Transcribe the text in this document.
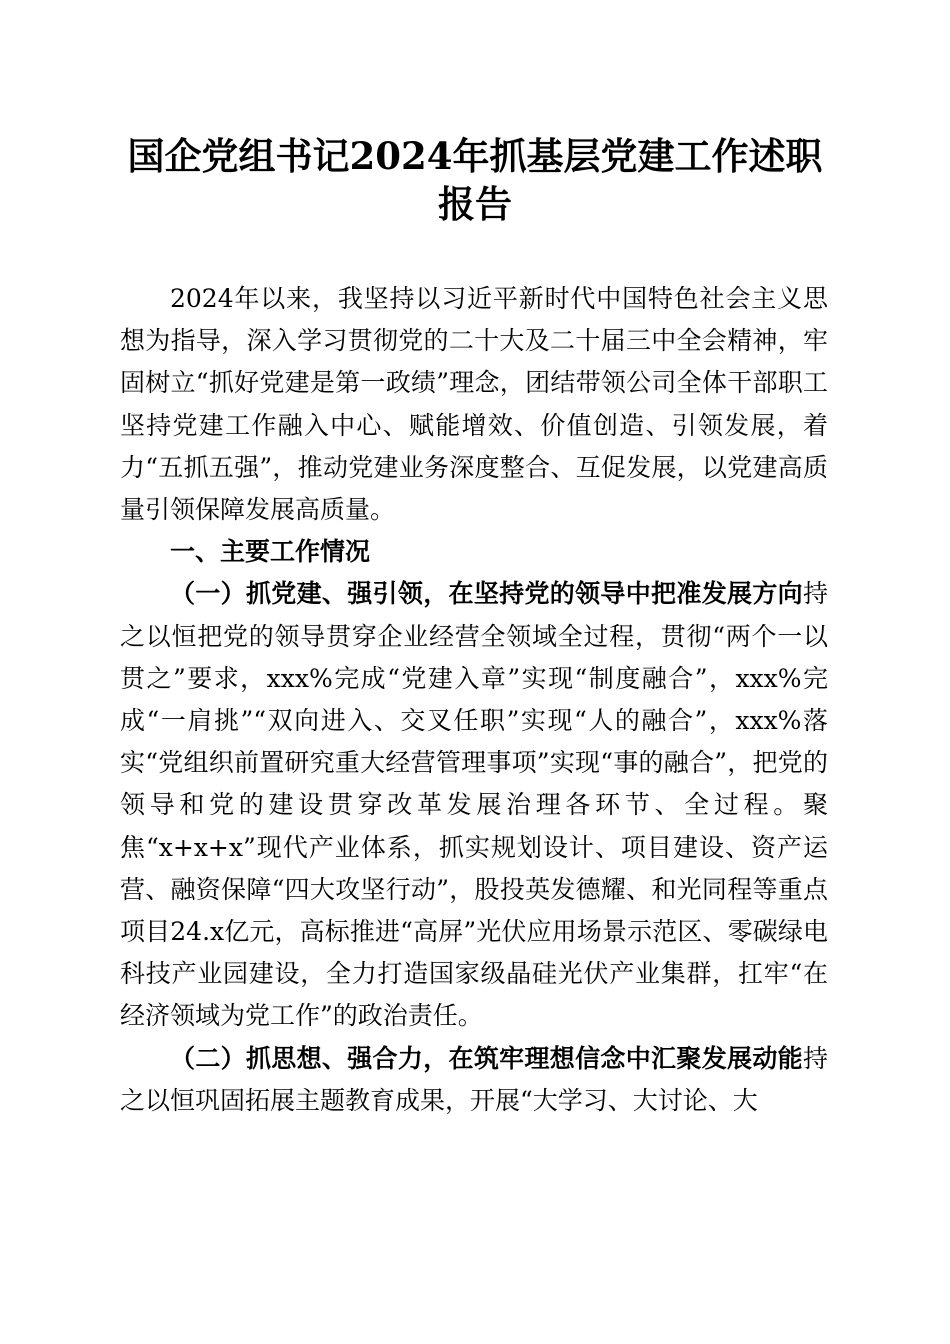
国企党组书记2024年抓基层党建工作述职报告

2024年以来，我坚持以习近平新时代中国特色社会主义思想为指导，深入学习贯彻党的二十大及二十届三中全会精神，牢固树立“抓好党建是第一政绩”理念，团结带领公司全体干部职工坚持党建工作融入中心、赋能增效、价值创造、引领发展，着力“五抓五强”，推动党建业务深度整合、互促发展，以党建高质量引领保障发展高质量。

一、主要工作情况

（一）抓党建、强引领，在坚持党的领导中把准发展方向持之以恒把党的领导贯穿企业经营全领域全过程，贯彻“两个一以贯之”要求，xxx%完成“党建入章”实现“制度融合”，xxx%完成“一肩挑”“双向进入、交叉任职”实现“人的融合”，xxx%落实“党组织前置研究重大经营管理事项”实现“事的融合”，把党的领导和党的建设贯穿改革发展治理各环节、全过程。聚焦“x+x+x”现代产业体系，抓实规划设计、项目建设、资产运营、融资保障“四大攻坚行动”，股投英发德耀、和光同程等重点项目24.x亿元，高标推进“高屏”光伏应用场景示范区、零碳绿电科技产业园建设，全力打造国家级晶硅光伏产业集群，扛牢“在经济领域为党工作”的政治责任。

（二）抓思想、强合力，在筑牢理想信念中汇聚发展动能持之以恒巩固拓展主题教育成果，开展“大学习、大讨论、大
